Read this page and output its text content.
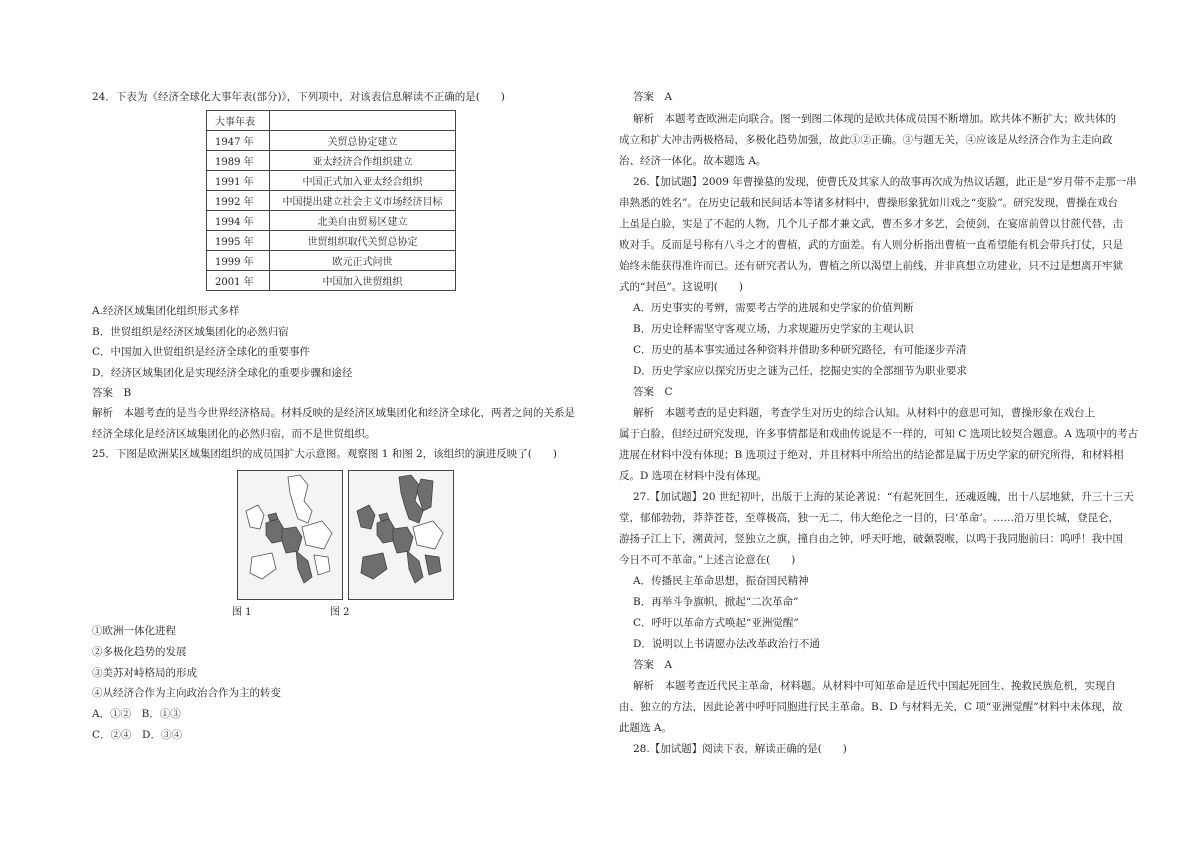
24．下表为《经济全球化大事年表(部分)》，下列项中，对该表信息解读不正确的是(　　)
大事年表	
1947 年	关贸总协定建立
1989 年	亚太经济合作组织建立
1991 年	中国正式加入亚太经合组织
1992 年	中国提出建立社会主义市场经济目标
1994 年	北美自由贸易区建立
1995 年	世贸组织取代关贸总协定
1999 年	欧元正式问世
2001 年	中国加入世贸组织
A.经济区域集团化组织形式多样
B．世贸组织是经济区域集团化的必然归宿
C．中国加入世贸组织是经济全球化的重要事件
D．经济区域集团化是实现经济全球化的重要步骤和途径
答案　B
解析　本题考查的是当今世界经济格局。材料反映的是经济区域集团化和经济全球化，两者之间的关系是
经济全球化是经济区域集团化的必然归宿，而不是世贸组织。
25．下图是欧洲某区域集团组织的成员国扩大示意图。观察图 1 和图 2，该组织的演进反映了(　　)
图 1	图 2
①欧洲一体化进程
②多极化趋势的发展
③美苏对峙格局的形成
④从经济合作为主向政治合作为主的转变
A．①②　B．①③
C．②④　D．③④
答案　A
解析　本题考查欧洲走向联合。图一到图二体现的是欧共体成员国不断增加。欧共体不断扩大；欧共体的
成立和扩大冲击两极格局，多极化趋势加强，故此①②正确。③与题无关，④应该是从经济合作为主走向政
治、经济一体化。故本题选 A。
26.【加试题】2009 年曹操墓的发现，使曹氏及其家人的故事再次成为热议话题，此正是“岁月带不走那一串
串熟悉的姓名”。在历史记载和民间话本等诸多材料中，曹操形象犹如川戏之“变脸”。研究发现，曹操在戏台
上虽是白脸，实是了不起的人物，几个儿子都才兼文武，曹丕多才多艺，会使剑，在宴席前曾以甘蔗代替，击
败对手。反而是号称有八斗之才的曹植，武的方面差。有人则分析指出曹植一直希望能有机会带兵打仗，只是
始终未能获得准许而已。还有研究者认为，曹植之所以渴望上前线，并非真想立功建业，只不过是想离开牢狱
式的“封邑”。这说明(　　)
A．历史事实的考辨，需要考古学的进展和史学家的价值判断
B．历史诠释需坚守客观立场，力求规避历史学家的主观认识
C．历史的基本事实通过各种资料并借助多种研究路径，有可能逐步弄清
D．历史学家应以探究历史之谜为己任，挖掘史实的全部细节为职业要求
答案　C
解析　本题考查的是史料题，考查学生对历史的综合认知。从材料中的意思可知，曹操形象在戏台上
属于白脸，但经过研究发现，许多事情都是和戏曲传说是不一样的，可知 C 选项比较契合题意。A 选项中的考古
进展在材料中没有体现；B 选项过于绝对，并且材料中所给出的结论都是属于历史学家的研究所得，和材料相
反。D 选项在材料中没有体现。
27.【加试题】20 世纪初叶，出版于上海的某论著说：“有起死回生，还魂返魄，出十八层地狱，升三十三天
堂，郁郁勃勃，莽莽苍苍，至尊极高，独一无二，伟大绝伦之一目的，曰‘革命’。……沿万里长城，登昆仑，
游扬子江上下，溯黄河，竖独立之旗，撞自由之钟，呼天吁地，破颡裂喉，以鸣于我同胞前曰：呜呼！我中国
今日不可不革命。”上述言论意在(　　)
A．传播民主革命思想，振奋国民精神
B．再举斗争旗帜，掀起“二次革命”
C．呼吁以革命方式唤起“亚洲觉醒”
D．说明以上书请愿办法改革政治行不通
答案　A
解析　本题考查近代民主革命，材料题。从材料中可知革命是近代中国起死回生、挽救民族危机，实现自
由、独立的方法，因此论著中呼吁同胞进行民主革命。B、D 与材料无关，C 项“亚洲觉醒”材料中未体现，故
此题选 A。
28.【加试题】阅读下表，解读正确的是(　　)
